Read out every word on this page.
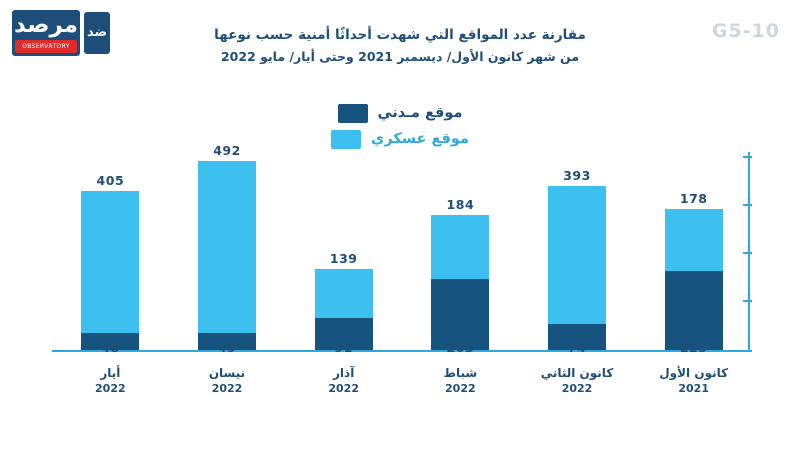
مرصد
OBSERVATORY
ضد	مقارنة عدد المواقع التي شهدت أحداثًا أمنية حسب نوعها
من شهر كانون الأول/ ديسمبر 2021 وحتى أيار/ مايو 2022
G5-10
موقع مـدني
موقع عسكري
178
393
184
139
492
405
225
كانون الأول
2021
74
كانون الثاني
2022
203
شباط
2022
91
آذار
2022
49
نيسان
2022
48
أيار
2022
